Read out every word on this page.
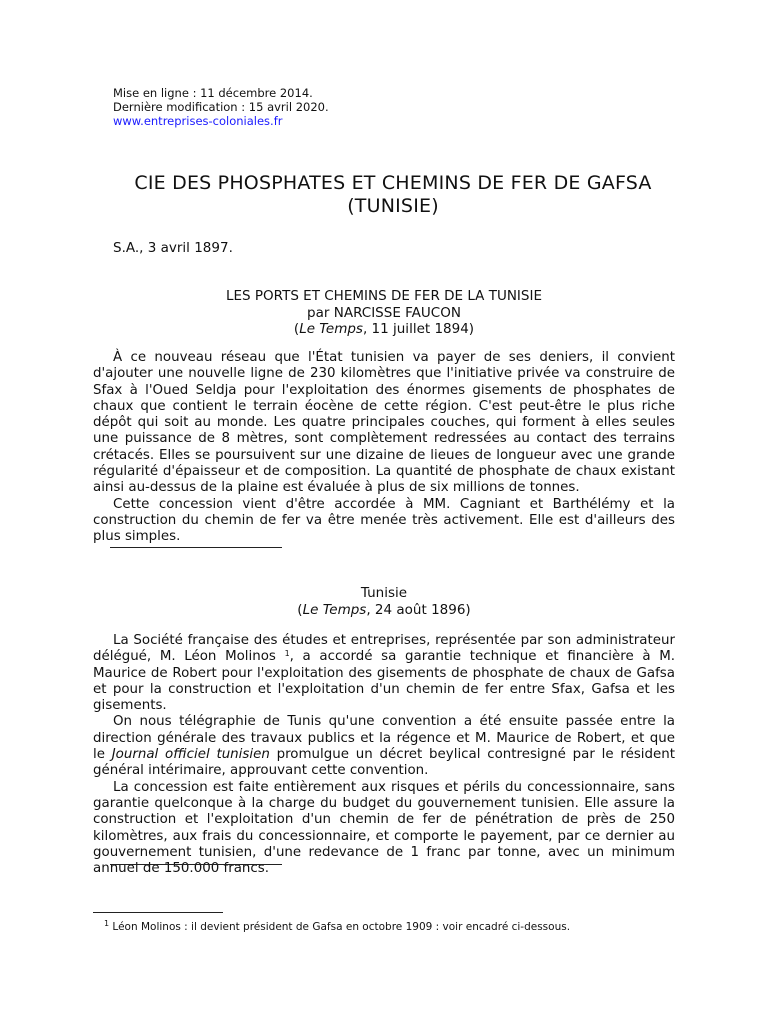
Mise en ligne : 11 décembre 2014.
Dernière modification : 15 avril 2020.
www.entreprises-coloniales.fr
CIE DES PHOSPHATES ET CHEMINS DE FER DE GAFSA
(TUNISIE)
S.A., 3 avril 1897.
LES PORTS ET CHEMINS DE FER DE LA TUNISIE
par NARCISSE FAUCON
(Le Temps, 11 juillet 1894)

À ce nouveau réseau que l'État tunisien va payer de ses deniers, il convient d'ajouter une nouvelle ligne de 230 kilomètres que l'initiative privée va construire de Sfax à l'Oued Seldja pour l'exploitation des énormes gisements de phosphates de chaux que contient le terrain éocène de cette région. C'est peut-être le plus riche dépôt qui soit au monde. Les quatre principales couches, qui forment à elles seules une puissance de 8 mètres, sont complètement redressées au contact des terrains crétacés. Elles se poursuivent sur une dizaine de lieues de longueur avec une grande régularité d'épaisseur et de composition. La quantité de phosphate de chaux existant ainsi au-dessus de la plaine est évaluée à plus de six millions de tonnes.

Cette concession vient d'être accordée à MM. Cagniant et Barthélémy et la construction du chemin de fer va être menée très activement. Elle est d'ailleurs des plus simples.

Tunisie
(Le Temps, 24 août 1896)

La Société française des études et entreprises, représentée par son administrateur délégué, M. Léon Molinos $^1$, a accordé sa garantie technique et financière à M. Maurice de Robert pour l'exploitation des gisements de phosphate de chaux de Gafsa et pour la construction et l'exploitation d'un chemin de fer entre Sfax, Gafsa et les gisements.

On nous télégraphie de Tunis qu'une convention a été ensuite passée entre la direction générale des travaux publics et la régence et M. Maurice de Robert, et que le Journal officiel tunisien promulgue un décret beylical contresigné par le résident général intérimaire, approuvant cette convention.

La concession est faite entièrement aux risques et périls du concessionnaire, sans garantie quelconque à la charge du budget du gouvernement tunisien. Elle assure la construction et l'exploitation d'un chemin de fer de pénétration de près de 250 kilomètres, aux frais du concessionnaire, et comporte le payement, par ce dernier au gouvernement tunisien, d'une redevance de 1 franc par tonne, avec un minimum annuel de 150.000 francs.

$^1$ Léon Molinos : il devient président de Gafsa en octobre 1909 : voir encadré ci-dessous.
